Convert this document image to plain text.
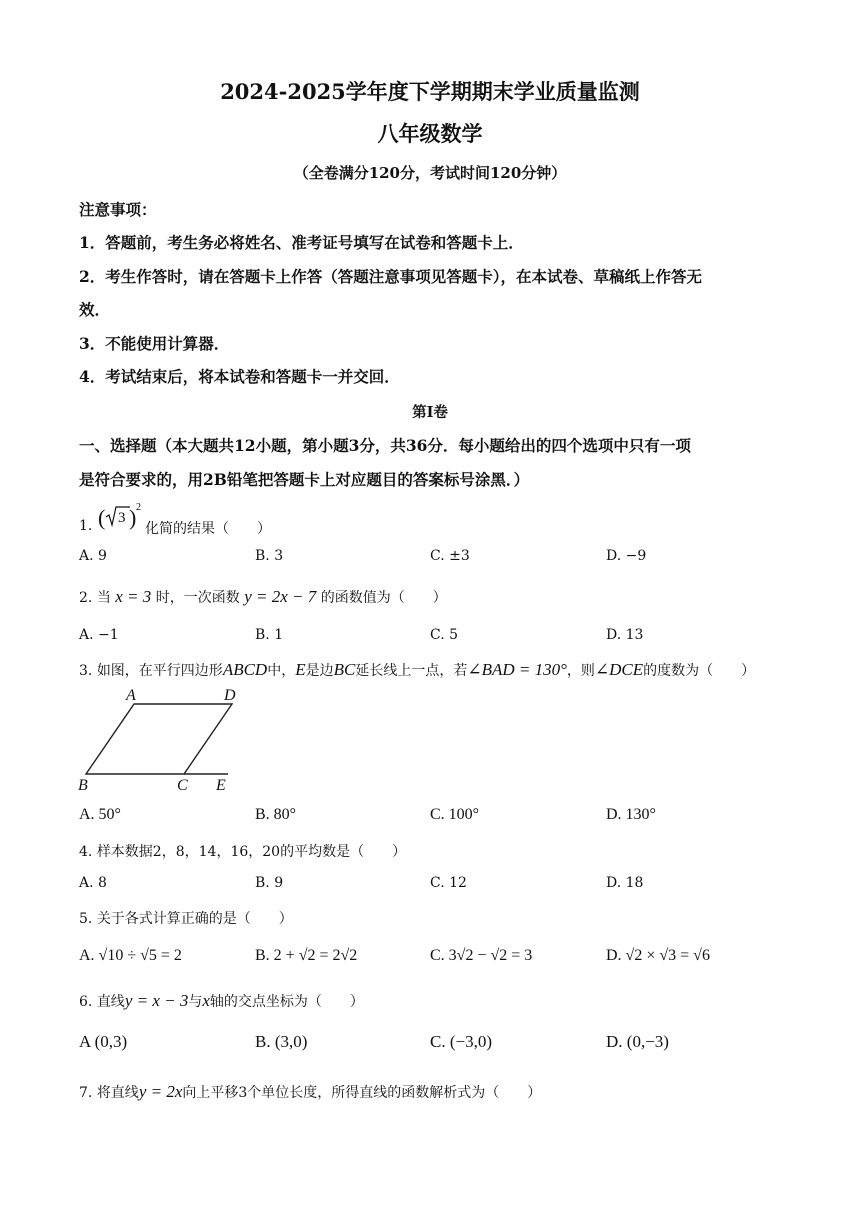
2024-2025学年度下学期期末学业质量监测
八年级数学
（全卷满分120分，考试时间120分钟）
注意事项：
1．答题前，考生务必将姓名、准考证号填写在试卷和答题卡上．
2．考生作答时，请在答题卡上作答（答题注意事项见答题卡），在本试卷、草稿纸上作答无
效．
3．不能使用计算器．
4．考试结束后，将本试卷和答题卡一并交回．
第I卷
一、选择题（本大题共12小题，第小题3分，共36分．每小题给出的四个选项中只有一项
是符合要求的，用2B铅笔把答题卡上对应题目的答案标号涂黑．）
1. ( 3 ) 2
化简的结果（　　）
A. 9	B. 3	C. ±3	D. −9
2. 当 x = 3 时，一次函数 y = 2x − 7 的函数值为（　　）
A. −1	B. 1	C. 5	D. 13
3. 如图，在平行四边形ABCD中，E是边BC延长线上一点，若∠BAD = 130°，则∠DCE的度数为（　　）
A	D
B	C E
A. 50°	B. 80°	C. 100°	D. 130°
4. 样本数据2，8，14，16，20的平均数是（　　）
A. 8	B. 9	C. 12	D. 18
5. 关于各式计算正确的是（　　）
A. √10 ÷ √5 = 2	B. 2 + √2 = 2√2	C. 3√2 − √2 = 3	D. √2 × √3 = √6
6. 直线y = x − 3与x轴的交点坐标为（　　）
A (0,3)	B. (3,0)	C. (−3,0)	D. (0,−3)
7. 将直线y = 2x向上平移3个单位长度，所得直线的函数解析式为（　　）
